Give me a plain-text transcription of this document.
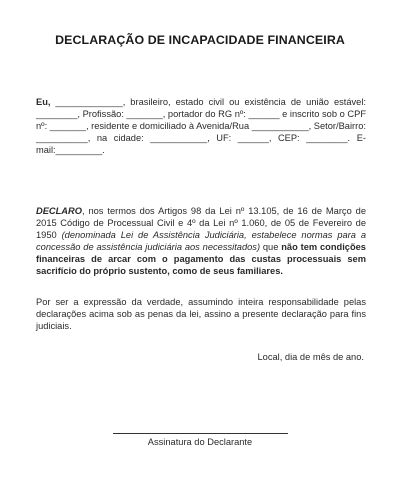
DECLARAÇÃO DE INCAPACIDADE FINANCEIRA
Eu, _____________, brasileiro, estado civil ou existência de união estável: ________, Profissão: _______, portador do RG nº: ______ e inscrito sob o CPF nº: _______, residente e domiciliado à Avenida/Rua ___________, Setor/Bairro: __________, na cidade: ___________, UF: ______, CEP: ________. E-mail:_________.
DECLARO, nos termos dos Artigos 98 da Lei nº 13.105, de 16 de Março de 2015 Código de Processual Civil e 4º da Lei nº 1.060, de 05 de Fevereiro de 1950 (denominada Lei de Assistência Judiciária, estabelece normas para a concessão de assistência judiciária aos necessitados) que não tem condições financeiras de arcar com o pagamento das custas processuais sem sacrifício do próprio sustento, como de seus familiares.
Por ser a expressão da verdade, assumindo inteira responsabilidade pelas declarações acima sob as penas da lei, assino a presente declaração para fins judiciais.
Local, dia de mês de ano.
Assinatura do Declarante
